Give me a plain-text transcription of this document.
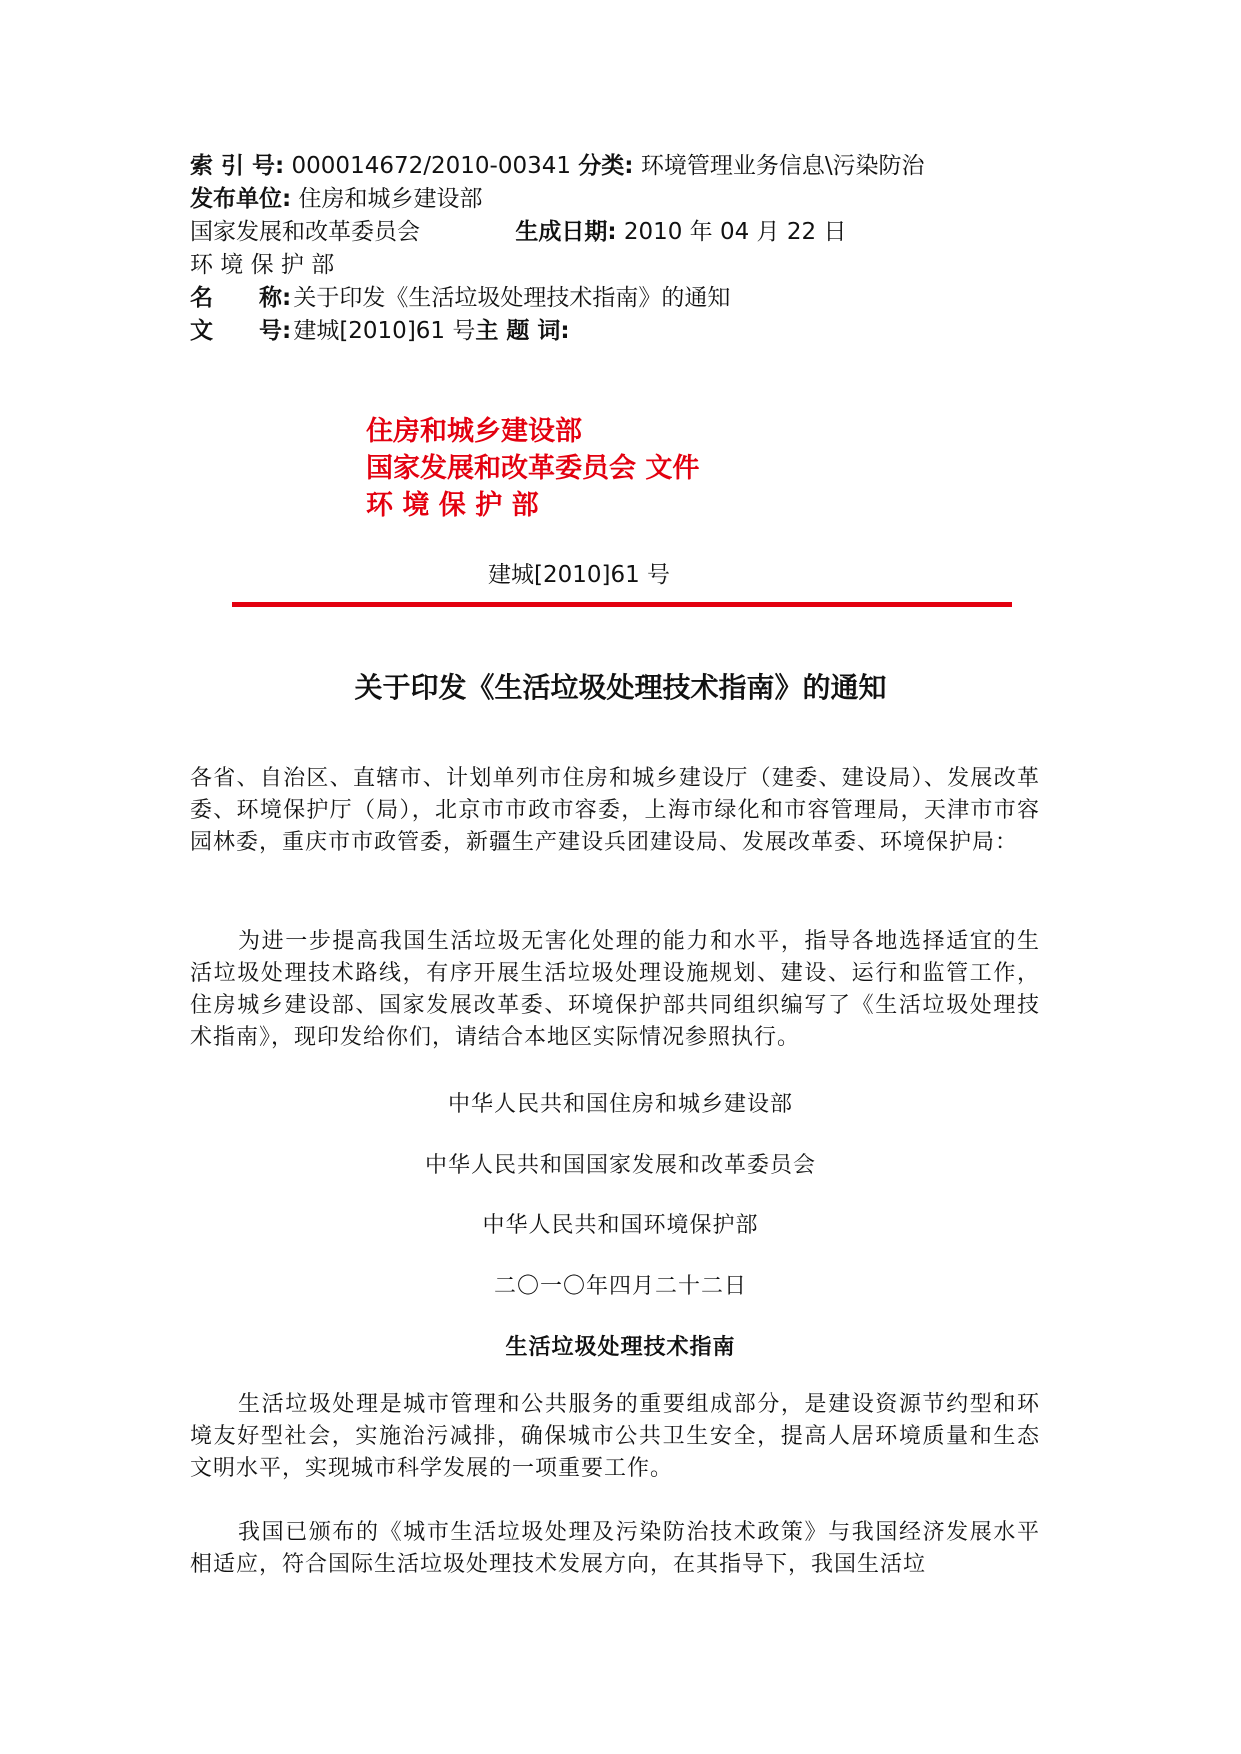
索 引 号: 000014672/2010-00341 分类: 环境管理业务信息\污染防治
发布单位: 住房和城乡建设部
国家发展和改革委员会	生成日期: 2010 年 04 月 22 日
环 境 保 护 部
名　　称: 关于印发《生活垃圾处理技术指南》的通知
文　　号: 建城[2010]61 号主 题 词:
住房和城乡建设部
国家发展和改革委员会 文件
环 境 保 护 部
建城[2010]61 号
关于印发《生活垃圾处理技术指南》的通知
各省、自治区、直辖市、计划单列市住房和城乡建设厅（建委、建设局）、发展改革委、环境保护厅（局），北京市市政市容委，上海市绿化和市容管理局，天津市市容园林委，重庆市市政管委，新疆生产建设兵团建设局、发展改革委、环境保护局：
为进一步提高我国生活垃圾无害化处理的能力和水平，指导各地选择适宜的生活垃圾处理技术路线，有序开展生活垃圾处理设施规划、建设、运行和监管工作，住房城乡建设部、国家发展改革委、环境保护部共同组织编写了《生活垃圾处理技术指南》，现印发给你们，请结合本地区实际情况参照执行。
中华人民共和国住房和城乡建设部
中华人民共和国国家发展和改革委员会
中华人民共和国环境保护部
二〇一〇年四月二十二日
生活垃圾处理技术指南
生活垃圾处理是城市管理和公共服务的重要组成部分，是建设资源节约型和环境友好型社会，实施治污减排，确保城市公共卫生安全，提高人居环境质量和生态文明水平，实现城市科学发展的一项重要工作。
我国已颁布的《城市生活垃圾处理及污染防治技术政策》与我国经济发展水平相适应，符合国际生活垃圾处理技术发展方向，在其指导下，我国生活垃
